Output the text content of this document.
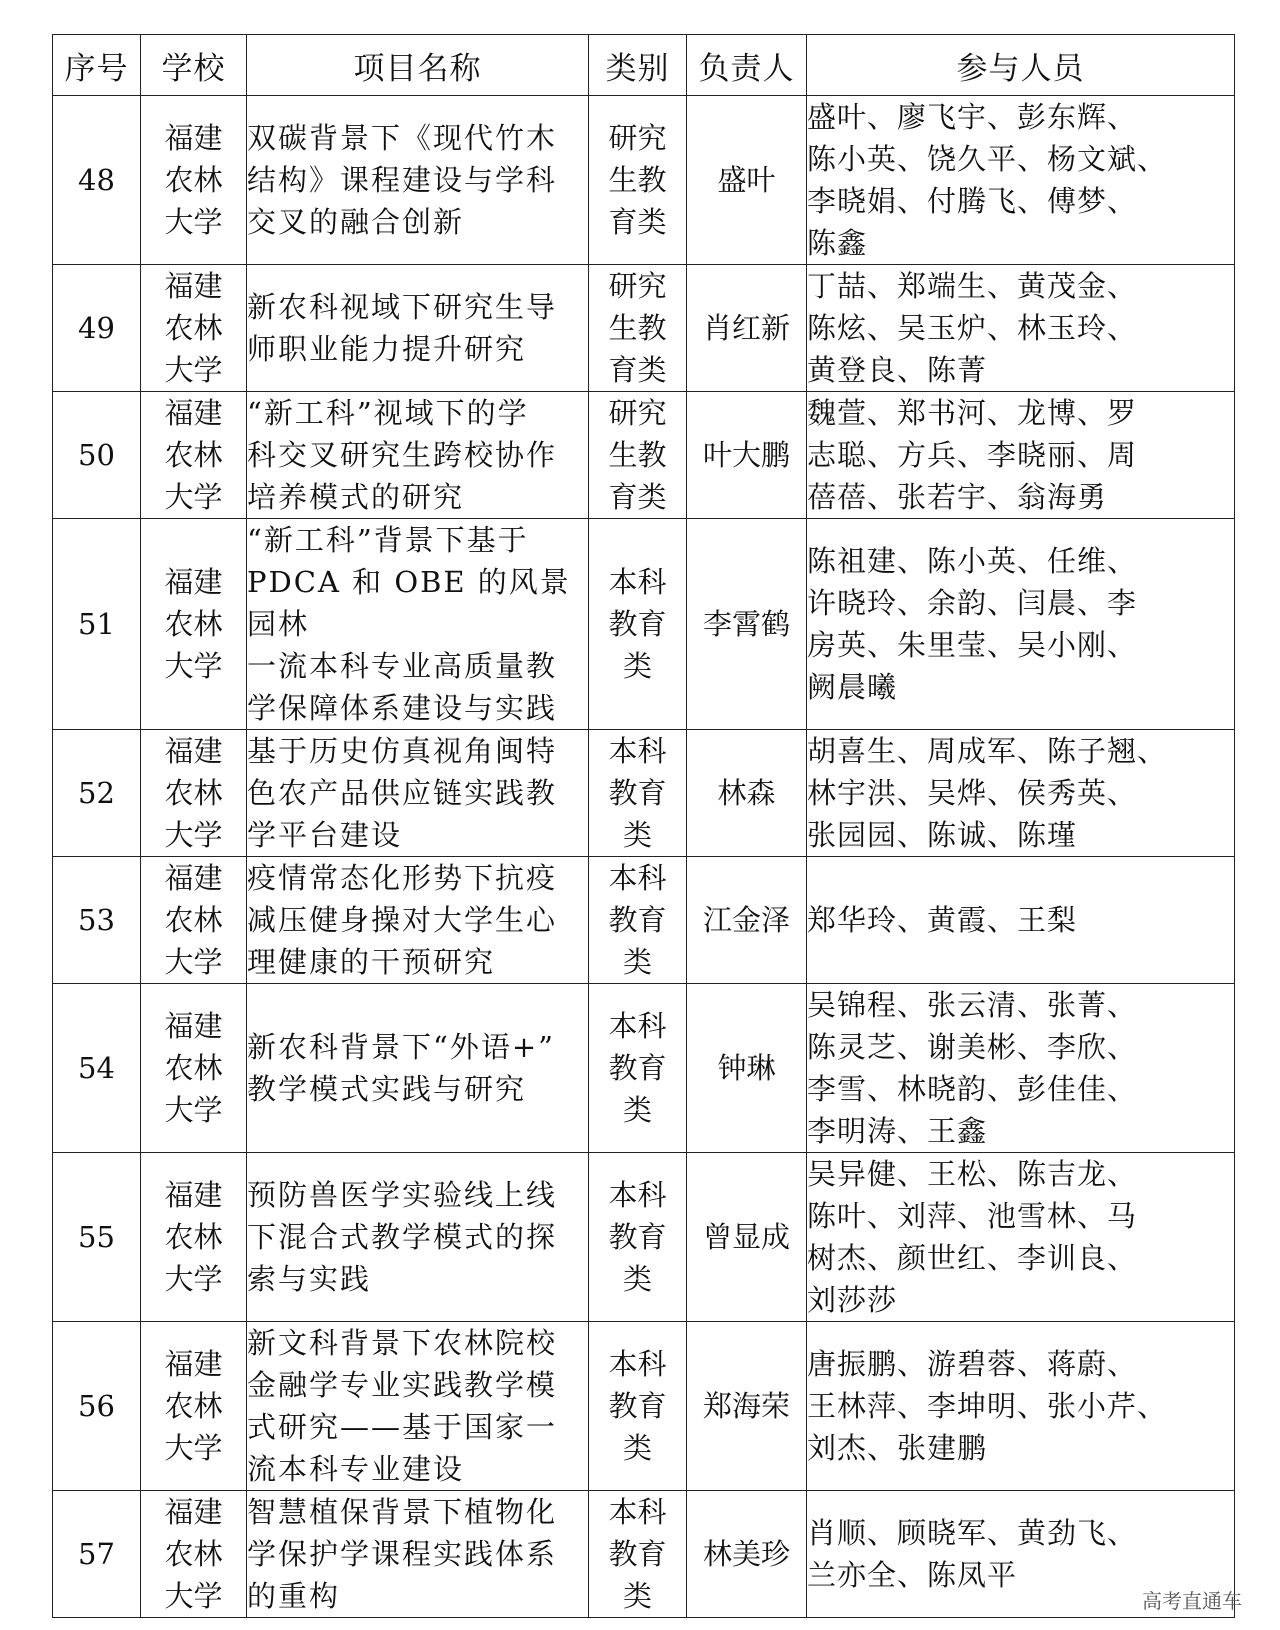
序号	学校	项目名称	类别	负责人	参与人员

48	福建
农林
大学	双碳背景下《现代竹木
结构》课程建设与学科
交叉的融合创新	研究
生教
育类	盛叶	盛叶、廖飞宇、彭东辉、
陈小英、饶久平、杨文斌、
李晓娟、付腾飞、傅梦、
陈鑫

49	福建
农林
大学	新农科视域下研究生导
师职业能力提升研究	研究
生教
育类	肖红新	丁喆、郑端生、黄茂金、
陈炫、吴玉炉、林玉玲、
黄登良、陈菁

50	福建
农林
大学	“新工科”视域下的学
科交叉研究生跨校协作
培养模式的研究	研究
生教
育类	叶大鹏	魏萱、郑书河、龙博、罗
志聪、方兵、李晓丽、周
蓓蓓、张若宇、翁海勇

51	福建
农林
大学	“新工科”背景下基于
PDCA 和 OBE 的风景园林
一流本科专业高质量教
学保障体系建设与实践	本科
教育
类	李霄鹤	陈祖建、陈小英、任维、
许晓玲、余韵、闫晨、李
房英、朱里莹、吴小刚、
阙晨曦

52	福建
农林
大学	基于历史仿真视角闽特
色农产品供应链实践教
学平台建设	本科
教育
类	林森	胡喜生、周成军、陈子翘、
林宇洪、吴烨、侯秀英、
张园园、陈诚、陈瑾

53	福建
农林
大学	疫情常态化形势下抗疫
减压健身操对大学生心
理健康的干预研究	本科
教育
类	江金泽	郑华玲、黄霞、王梨

54	福建
农林
大学	新农科背景下“外语+”
教学模式实践与研究	本科
教育
类	钟琳	吴锦程、张云清、张菁、
陈灵芝、谢美彬、李欣、
李雪、林晓韵、彭佳佳、
李明涛、王鑫

55	福建
农林
大学	预防兽医学实验线上线
下混合式教学模式的探
索与实践	本科
教育
类	曾显成	吴异健、王松、陈吉龙、
陈叶、刘萍、池雪林、马
树杰、颜世红、李训良、
刘莎莎

56	福建
农林
大学	新文科背景下农林院校
金融学专业实践教学模
式研究——基于国家一
流本科专业建设	本科
教育
类	郑海荣	唐振鹏、游碧蓉、蒋蔚、
王林萍、李坤明、张小芹、
刘杰、张建鹏

57	福建
农林
大学	智慧植保背景下植物化
学保护学课程实践体系
的重构	本科
教育
类	林美珍	肖顺、顾晓军、黄劲飞、
兰亦全、陈凤平
高考直通车
